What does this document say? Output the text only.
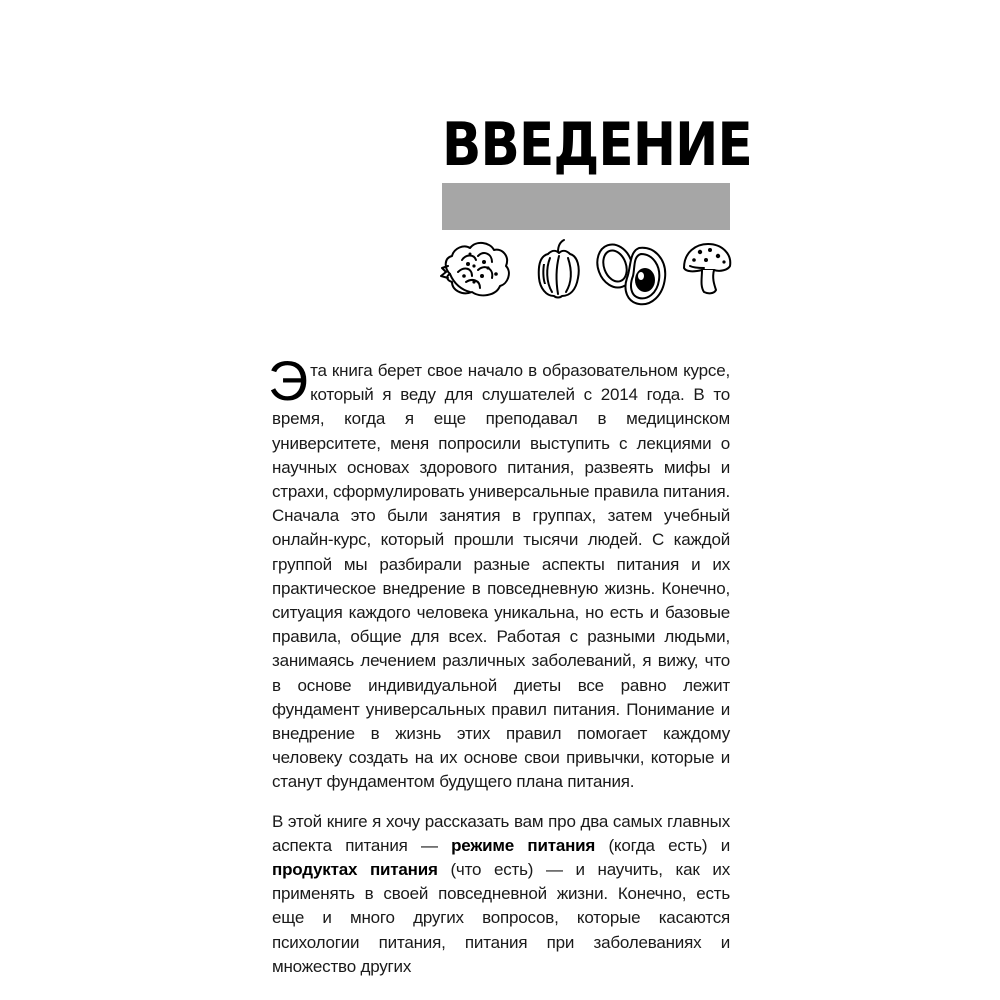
ВВЕДЕНИЕ

Эта книга берет свое начало в образовательном курсе, который я веду для слушателей с 2014 года. В то время, когда я еще преподавал в медицинском университете, меня попросили выступить с лекциями о научных основах здорового питания, развеять мифы и страхи, сформулировать универсальные правила питания. Сначала это были занятия в группах, затем учебный онлайн-курс, который прошли тысячи людей. С каждой группой мы разбирали разные аспекты питания и их практическое внедрение в повседневную жизнь. Конечно, ситуация каждого человека уникальна, но есть и базовые правила, общие для всех. Работая с разными людьми, занимаясь лечением различных заболеваний, я вижу, что в основе индивидуальной диеты все равно лежит фундамент универсальных правил питания. Понимание и внедрение в жизнь этих правил помогает каждому человеку создать на их основе свои привычки, которые и станут фундаментом будущего плана питания.

В этой книге я хочу рассказать вам про два самых главных аспекта питания — режиме питания (когда есть) и продуктах питания (что есть) — и научить, как их применять в своей повседневной жизни. Конечно, есть еще и много других вопросов, которые касаются психологии питания, питания при заболеваниях и множество других
